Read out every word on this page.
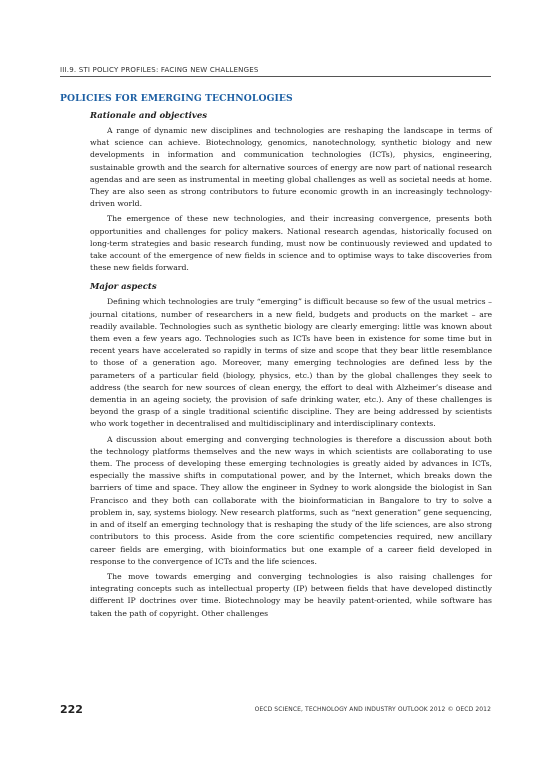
III.9. STI POLICY PROFILES: FACING NEW CHALLENGES
POLICIES FOR EMERGING TECHNOLOGIES
Rationale and objectives

A range of dynamic new disciplines and technologies are reshaping the landscape in terms of what science can achieve. Biotechnology, genomics, nanotechnology, synthetic biology and new developments in information and communication technologies (ICTs), physics, engineering, sustainable growth and the search for alternative sources of energy are now part of national research agendas and are seen as instrumental in meeting global challenges as well as societal needs at home. They are also seen as strong contributors to future economic growth in an increasingly technology-driven world.

The emergence of these new technologies, and their increasing convergence, presents both opportunities and challenges for policy makers. National research agendas, historically focused on long-term strategies and basic research funding, must now be continuously reviewed and updated to take account of the emergence of new fields in science and to optimise ways to take discoveries from these new fields forward.

Major aspects

Defining which technologies are truly “emerging” is difficult because so few of the usual metrics – journal citations, number of researchers in a new field, budgets and products on the market – are readily available. Technologies such as synthetic biology are clearly emerging: little was known about them even a few years ago. Technologies such as ICTs have been in existence for some time but in recent years have accelerated so rapidly in terms of size and scope that they bear little resemblance to those of a generation ago. Moreover, many emerging technologies are defined less by the parameters of a particular field (biology, physics, etc.) than by the global challenges they seek to address (the search for new sources of clean energy, the effort to deal with Alzheimer’s disease and dementia in an ageing society, the provision of safe drinking water, etc.). Any of these challenges is beyond the grasp of a single traditional scientific discipline. They are being addressed by scientists who work together in decentralised and multidisciplinary and interdisciplinary contexts.

A discussion about emerging and converging technologies is therefore a discussion about both the technology platforms themselves and the new ways in which scientists are collaborating to use them. The process of developing these emerging technologies is greatly aided by advances in ICTs, especially the massive shifts in computational power, and by the Internet, which breaks down the barriers of time and space. They allow the engineer in Sydney to work alongside the biologist in San Francisco and they both can collaborate with the bioinformatician in Bangalore to try to solve a problem in, say, systems biology. New research platforms, such as “next generation” gene sequencing, in and of itself an emerging technology that is reshaping the study of the life sciences, are also strong contributors to this process. Aside from the core scientific competencies required, new ancillary career fields are emerging, with bioinformatics but one example of a career field developed in response to the convergence of ICTs and the life sciences.

The move towards emerging and converging technologies is also raising challenges for integrating concepts such as intellectual property (IP) between fields that have developed distinctly different IP doctrines over time. Biotechnology may be heavily patent-oriented, while software has taken the path of copyright. Other challenges

222	OECD SCIENCE, TECHNOLOGY AND INDUSTRY OUTLOOK 2012 © OECD 2012
